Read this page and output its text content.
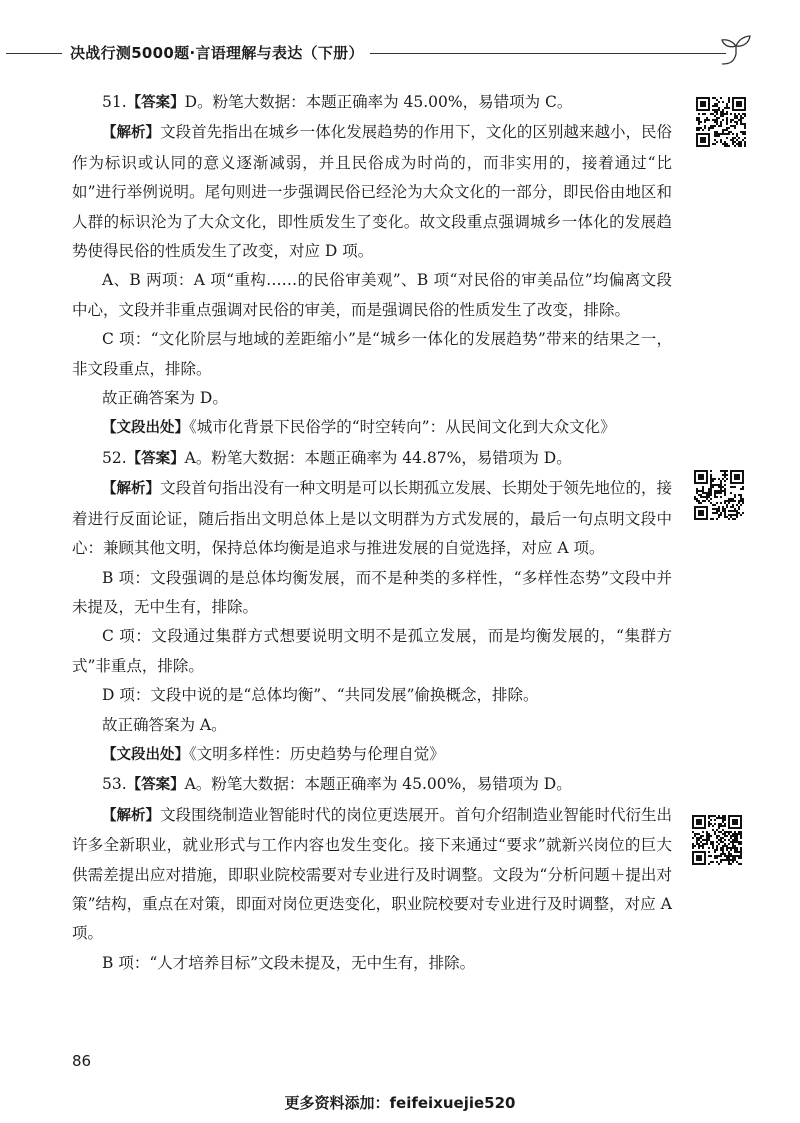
决战行测5000题·言语理解与表达（下册）

51.【答案】D。粉笔大数据：本题正确率为 45.00%，易错项为 C。

【解析】文段首先指出在城乡一体化发展趋势的作用下，文化的区别越来越小，民俗作为标识或认同的意义逐渐减弱，并且民俗成为时尚的，而非实用的，接着通过“比如”进行举例说明。尾句则进一步强调民俗已经沦为大众文化的一部分，即民俗由地区和人群的标识沦为了大众文化，即性质发生了变化。故文段重点强调城乡一体化的发展趋势使得民俗的性质发生了改变，对应 D 项。

A、B 两项：A 项“重构……的民俗审美观”、B 项“对民俗的审美品位”均偏离文段中心，文段并非重点强调对民俗的审美，而是强调民俗的性质发生了改变，排除。

C 项：“文化阶层与地域的差距缩小”是“城乡一体化的发展趋势”带来的结果之一，非文段重点，排除。

故正确答案为 D。

【文段出处】《城市化背景下民俗学的“时空转向”：从民间文化到大众文化》

52.【答案】A。粉笔大数据：本题正确率为 44.87%，易错项为 D。

【解析】文段首句指出没有一种文明是可以长期孤立发展、长期处于领先地位的，接着进行反面论证，随后指出文明总体上是以文明群为方式发展的，最后一句点明文段中心：兼顾其他文明，保持总体均衡是追求与推进发展的自觉选择，对应 A 项。

B 项：文段强调的是总体均衡发展，而不是种类的多样性，“多样性态势”文段中并未提及，无中生有，排除。

C 项：文段通过集群方式想要说明文明不是孤立发展，而是均衡发展的，“集群方式”非重点，排除。

D 项：文段中说的是“总体均衡”、“共同发展”偷换概念，排除。

故正确答案为 A。

【文段出处】《文明多样性：历史趋势与伦理自觉》

53.【答案】A。粉笔大数据：本题正确率为 45.00%，易错项为 D。

【解析】文段围绕制造业智能时代的岗位更迭展开。首句介绍制造业智能时代衍生出许多全新职业，就业形式与工作内容也发生变化。接下来通过“要求”就新兴岗位的巨大供需差提出应对措施，即职业院校需要对专业进行及时调整。文段为“分析问题＋提出对策”结构，重点在对策，即面对岗位更迭变化，职业院校要对专业进行及时调整，对应 A 项。

B 项：“人才培养目标”文段未提及，无中生有，排除。

86
更多资料添加：feifeixuejie520
